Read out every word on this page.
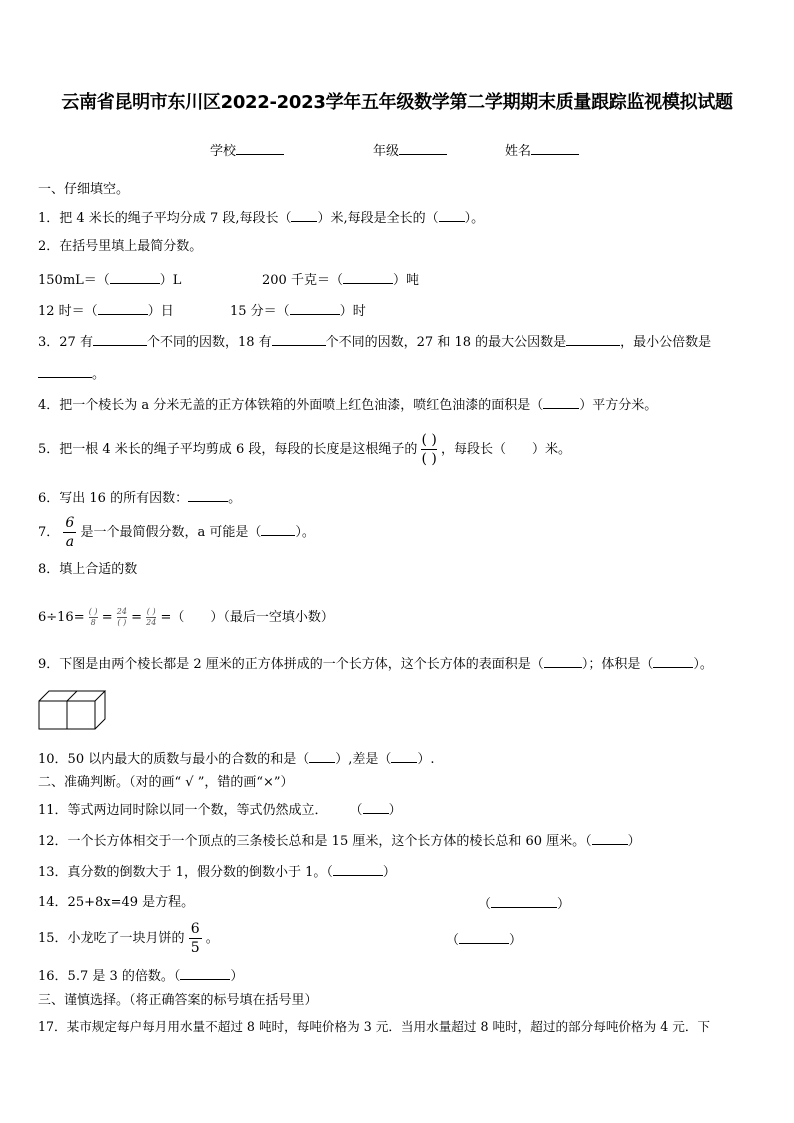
云南省昆明市东川区2022-2023学年五年级数学第二学期期末质量跟踪监视模拟试题
学校	年级	姓名
一、仔细填空。
1．把 4 米长的绳子平均分成 7 段,每段长（ ）米,每段是全长的（ ）。
2．在括号里填上最简分数。
150mL＝（	）L	200 千克＝（	）吨
12 时＝（	）日	15 分＝（	）时
3．27 有	个不同的因数，18 有	个不同的因数，27 和 18 的最大公因数是	，最小公倍数是
。
4．把一个棱长为 a 分米无盖的正方体铁箱的外面喷上红色油漆，喷红色油漆的面积是（	）平方分米。
5．把一根 4 米长的绳子平均剪成 6 段，每段的长度是这根绳子的
( )
( )
，每段长（ ）米。
6．写出 16 的所有因数：	。
7． $\frac{6}{a}$ 是一个最简假分数，a 可能是（	）。
8．填上合适的数
$6\div 16= \frac{( )}{8} = \frac{24}{( )} = \frac{( )}{24}$ =（ ）（最后一空填小数）
9．下图是由两个棱长都是 2 厘米的正方体拼成的一个长方体，这个长方体的表面积是（	）；体积是（	）。
10．50 以内最大的质数与最小的合数的和是（ ）,差是（ ）.
二、准确判断。（对的画“ √ ”，错的画“×”）
11．等式两边同时除以同一个数，等式仍然成立． （ ）
12．一个长方体相交于一个顶点的三条棱长总和是 15 厘米，这个长方体的棱长总和 60 厘米。（	）
13．真分数的倒数大于 1，假分数的倒数小于 1。（	）
14．25+8x=49 是方程。	（	）
15．小龙吃了一块月饼的 $\frac{6}{5}$ 。	（	）
16．5.7 是 3 的倍数。（	）
三、谨慎选择。（将正确答案的标号填在括号里）
17．某市规定每户每月用水量不超过 8 吨时，每吨价格为 3 元．当用水量超过 8 吨时，超过的部分每吨价格为 4 元．下
